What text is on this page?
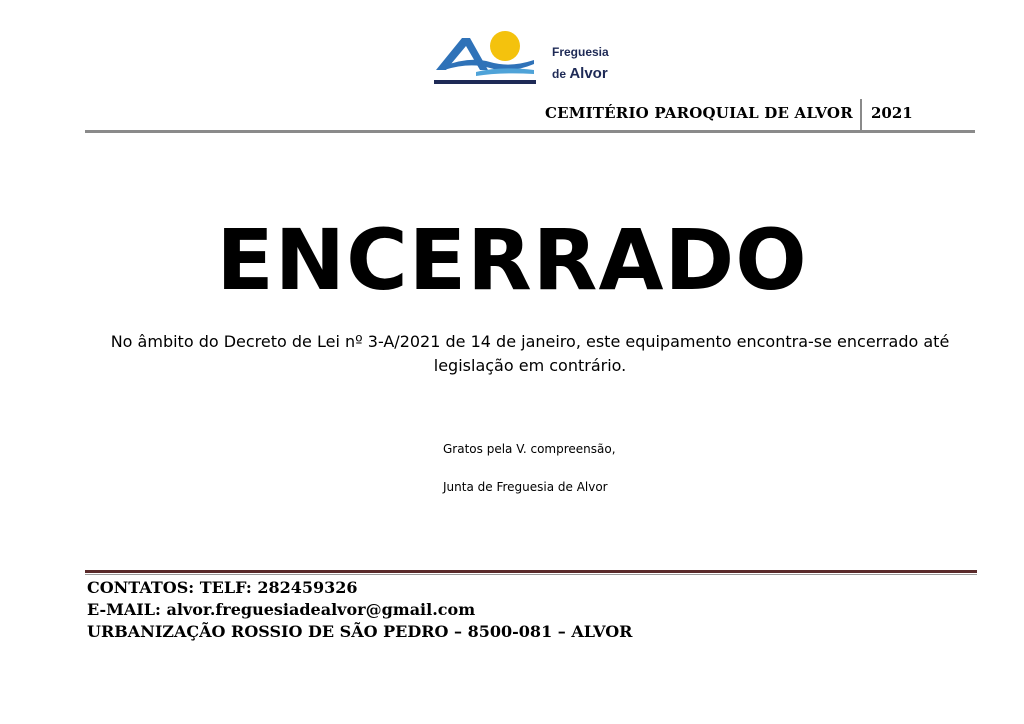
Freguesia
de Alvor
CEMITÉRIO PAROQUIAL DE ALVOR 2021
ENCERRADO
No âmbito do Decreto de Lei nº 3-A/2021 de 14 de janeiro, este equipamento encontra-se encerrado até legislação em contrário.
Gratos pela V. compreensão,
Junta de Freguesia de Alvor
CONTATOS: TELF: 282459326
E-MAIL: alvor.freguesiadealvor@gmail.com
URBANIZAÇÃO ROSSIO DE SÃO PEDRO – 8500-081 – ALVOR
